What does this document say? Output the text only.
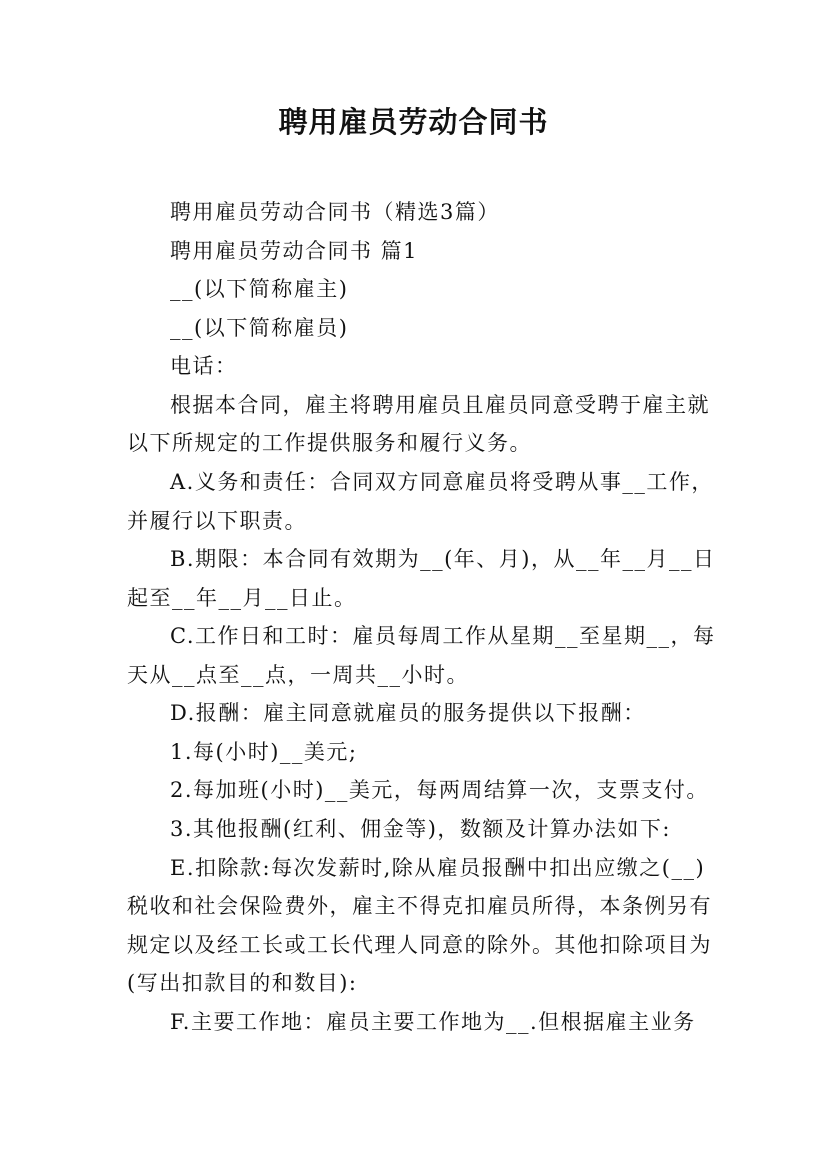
聘用雇员劳动合同书
聘用雇员劳动合同书（精选3篇）
聘用雇员劳动合同书 篇1
__(以下简称雇主)
__(以下简称雇员)
电话：
根据本合同，雇主将聘用雇员且雇员同意受聘于雇主就
以下所规定的工作提供服务和履行义务。
A.义务和责任：合同双方同意雇员将受聘从事__工作，
并履行以下职责。
B.期限：本合同有效期为__(年、月)，从__年__月__日
起至__年__月__日止。
C.工作日和工时：雇员每周工作从星期__至星期__，每
天从__点至__点，一周共__小时。
D.报酬：雇主同意就雇员的服务提供以下报酬：
1.每(小时)__美元;
2.每加班(小时)__美元，每两周结算一次，支票支付。
3.其他报酬(红利、佣金等)，数额及计算办法如下:
E.扣除款:每次发薪时,除从雇员报酬中扣出应缴之(__)
税收和社会保险费外，雇主不得克扣雇员所得，本条例另有
规定以及经工长或工长代理人同意的除外。其他扣除项目为
(写出扣款目的和数目):
F.主要工作地：雇员主要工作地为__.但根据雇主业务
